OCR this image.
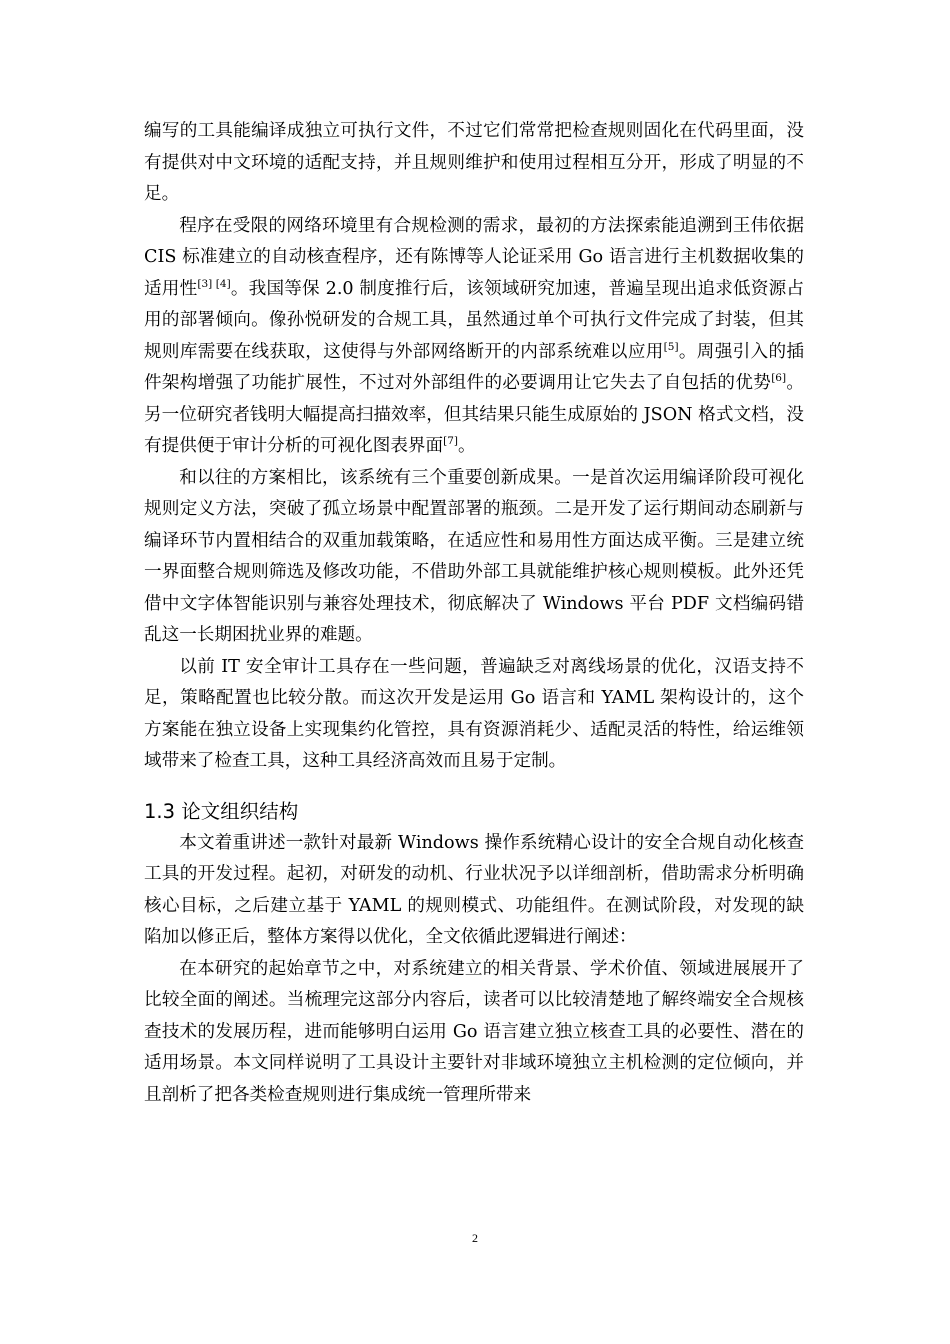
编写的工具能编译成独立可执行文件，不过它们常常把检查规则固化在代码里面，没有提供对中文环境的适配支持，并且规则维护和使用过程相互分开，形成了明显的不足。

程序在受限的网络环境里有合规检测的需求，最初的方法探索能追溯到王伟依据 CIS 标准建立的自动核查程序，还有陈博等人论证采用 Go 语言进行主机数据收集的适用性[3] [4]。我国等保 2.0 制度推行后，该领域研究加速，普遍呈现出追求低资源占用的部署倾向。像孙悦研发的合规工具，虽然通过单个可执行文件完成了封装，但其规则库需要在线获取，这使得与外部网络断开的内部系统难以应用[5]。周强引入的插件架构增强了功能扩展性，不过对外部组件的必要调用让它失去了自包括的优势[6]。另一位研究者钱明大幅提高扫描效率，但其结果只能生成原始的 JSON 格式文档，没有提供便于审计分析的可视化图表界面[7]。

和以往的方案相比，该系统有三个重要创新成果。一是首次运用编译阶段可视化规则定义方法，突破了孤立场景中配置部署的瓶颈。二是开发了运行期间动态刷新与编译环节内置相结合的双重加载策略，在适应性和易用性方面达成平衡。三是建立统一界面整合规则筛选及修改功能，不借助外部工具就能维护核心规则模板。此外还凭借中文字体智能识别与兼容处理技术，彻底解决了 Windows 平台 PDF 文档编码错乱这一长期困扰业界的难题。

以前 IT 安全审计工具存在一些问题，普遍缺乏对离线场景的优化，汉语支持不足，策略配置也比较分散。而这次开发是运用 Go 语言和 YAML 架构设计的，这个方案能在独立设备上实现集约化管控，具有资源消耗少、适配灵活的特性，给运维领域带来了检查工具，这种工具经济高效而且易于定制。

1.3 论文组织结构

本文着重讲述一款针对最新 Windows 操作系统精心设计的安全合规自动化核查工具的开发过程。起初，对研发的动机、行业状况予以详细剖析，借助需求分析明确核心目标，之后建立基于 YAML 的规则模式、功能组件。在测试阶段，对发现的缺陷加以修正后，整体方案得以优化，全文依循此逻辑进行阐述：

在本研究的起始章节之中，对系统建立的相关背景、学术价值、领域进展展开了比较全面的阐述。当梳理完这部分内容后，读者可以比较清楚地了解终端安全合规核查技术的发展历程，进而能够明白运用 Go 语言建立独立核查工具的必要性、潜在的适用场景。本文同样说明了工具设计主要针对非域环境独立主机检测的定位倾向，并且剖析了把各类检查规则进行集成统一管理所带来

2
